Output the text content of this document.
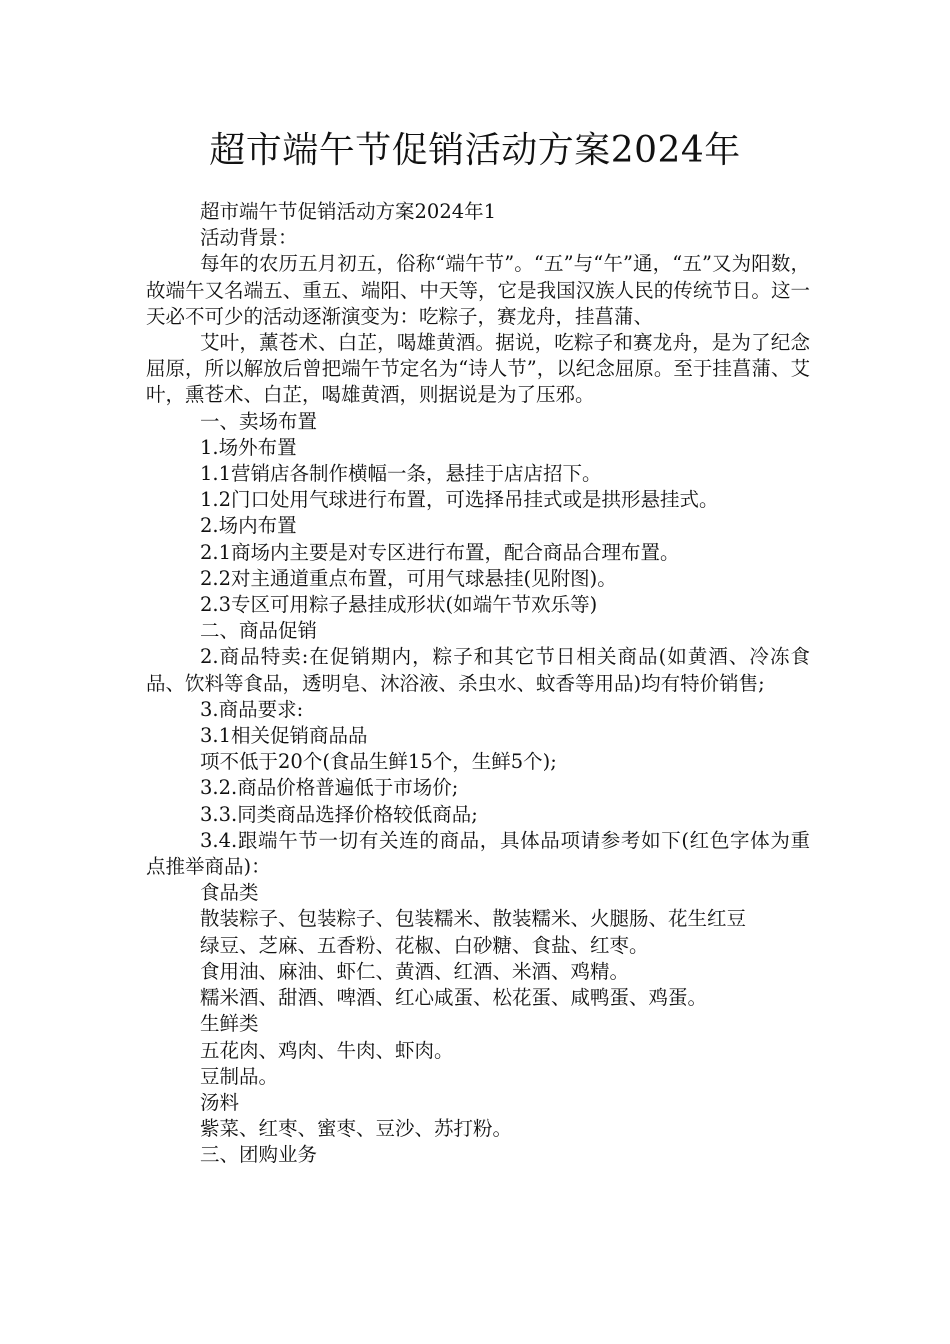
超市端午节促销活动方案2024年

超市端午节促销活动方案2024年1

活动背景：

每年的农历五月初五，俗称“端午节”。“五”与“午”通，“五”又为阳数，故端午又名端五、重五、端阳、中天等，它是我国汉族人民的传统节日。这一天必不可少的活动逐渐演变为：吃粽子，赛龙舟，挂菖蒲、

艾叶，薰苍术、白芷，喝雄黄酒。据说，吃粽子和赛龙舟，是为了纪念屈原，所以解放后曾把端午节定名为“诗人节”，以纪念屈原。至于挂菖蒲、艾叶，熏苍术、白芷，喝雄黄酒，则据说是为了压邪。

一、卖场布置

1.场外布置

1.1营销店各制作横幅一条，悬挂于店店招下。

1.2门口处用气球进行布置，可选择吊挂式或是拱形悬挂式。

2.场内布置

2.1商场内主要是对专区进行布置，配合商品合理布置。

2.2对主通道重点布置，可用气球悬挂(见附图)。

2.3专区可用粽子悬挂成形状(如端午节欢乐等)

二、商品促销

2.商品特卖:在促销期内，粽子和其它节日相关商品(如黄酒、冷冻食品、饮料等食品，透明皂、沐浴液、杀虫水、蚊香等用品)均有特价销售;

3.商品要求:

3.1相关促销商品品

项不低于20个(食品生鲜15个，生鲜5个);

3.2.商品价格普遍低于市场价;

3.3.同类商品选择价格较低商品;

3.4.跟端午节一切有关连的商品，具体品项请参考如下(红色字体为重点推举商品)：

食品类

散装粽子、包装粽子、包装糯米、散装糯米、火腿肠、花生红豆

绿豆、芝麻、五香粉、花椒、白砂糖、食盐、红枣。

食用油、麻油、虾仁、黄酒、红酒、米酒、鸡精。

糯米酒、甜酒、啤酒、红心咸蛋、松花蛋、咸鸭蛋、鸡蛋。

生鲜类

五花肉、鸡肉、牛肉、虾肉。

豆制品。

汤料

紫菜、红枣、蜜枣、豆沙、苏打粉。

三、团购业务
